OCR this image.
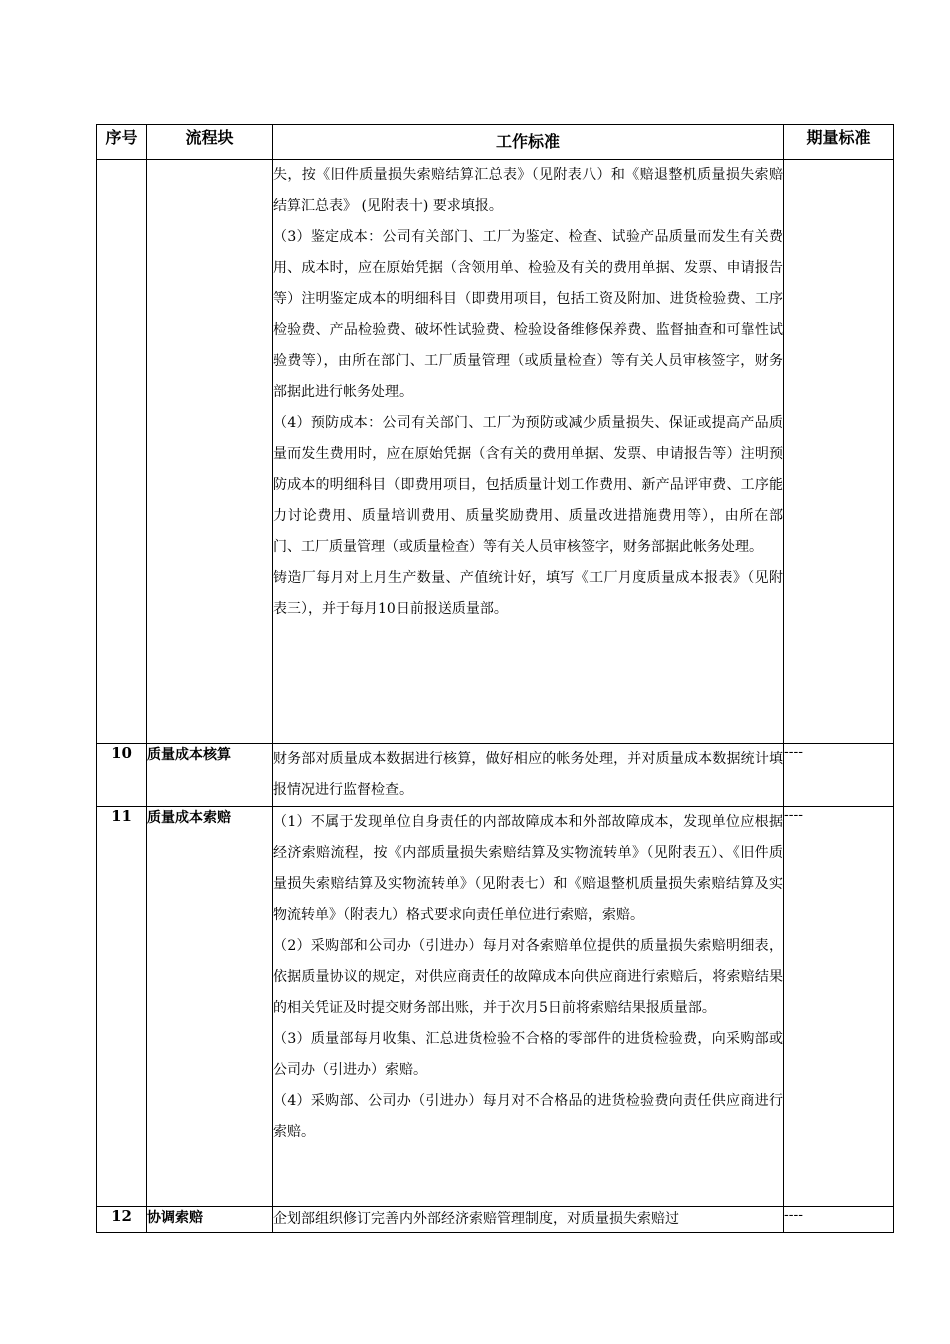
序号	流程块	工作标准	期量标准

		失，按《旧件质量损失索赔结算汇总表》（见附表八）和《赔退整机质量损失索赔结算汇总表》 (见附表十) 要求填报。

（3）鉴定成本：公司有关部门、工厂为鉴定、检查、试验产品质量而发生有关费用、成本时，应在原始凭据（含领用单、检验及有关的费用单据、发票、申请报告等）注明鉴定成本的明细科目（即费用项目，包括工资及附加、进货检验费、工序检验费、产品检验费、破坏性试验费、检验设备维修保养费、监督抽查和可靠性试验费等），由所在部门、工厂质量管理（或质量检查）等有关人员审核签字，财务部据此进行帐务处理。

（4）预防成本：公司有关部门、工厂为预防或减少质量损失、保证或提高产品质量而发生费用时，应在原始凭据（含有关的费用单据、发票、申请报告等）注明预防成本的明细科目（即费用项目，包括质量计划工作费用、新产品评审费、工序能力讨论费用、质量培训费用、质量奖励费用、质量改进措施费用等），由所在部门、工厂质量管理（或质量检查）等有关人员审核签字，财务部据此帐务处理。

铸造厂每月对上月生产数量、产值统计好，填写《工厂月度质量成本报表》（见附表三），并于每月10日前报送质量部。	

10	质量成本核算	财务部对质量成本数据进行核算，做好相应的帐务处理，并对质量成本数据统计填报情况进行监督检查。	----
11	质量成本索赔	（1）不属于发现单位自身责任的内部故障成本和外部故障成本，发现单位应根据经济索赔流程，按《内部质量损失索赔结算及实物流转单》（见附表五）、《旧件质量损失索赔结算及实物流转单》（见附表七）和《赔退整机质量损失索赔结算及实物流转单》（附表九）格式要求向责任单位进行索赔，索赔。

（2）采购部和公司办（引进办）每月对各索赔单位提供的质量损失索赔明细表，依据质量协议的规定，对供应商责任的故障成本向供应商进行索赔后，将索赔结果的相关凭证及时提交财务部出账，并于次月5日前将索赔结果报质量部。

（3）质量部每月收集、汇总进货检验不合格的零部件的进货检验费，向采购部或公司办（引进办）索赔。

（4）采购部、公司办（引进办）每月对不合格品的进货检验费向责任供应商进行索赔。	----
12	协调索赔	企划部组织修订完善内外部经济索赔管理制度，对质量损失索赔过	----
